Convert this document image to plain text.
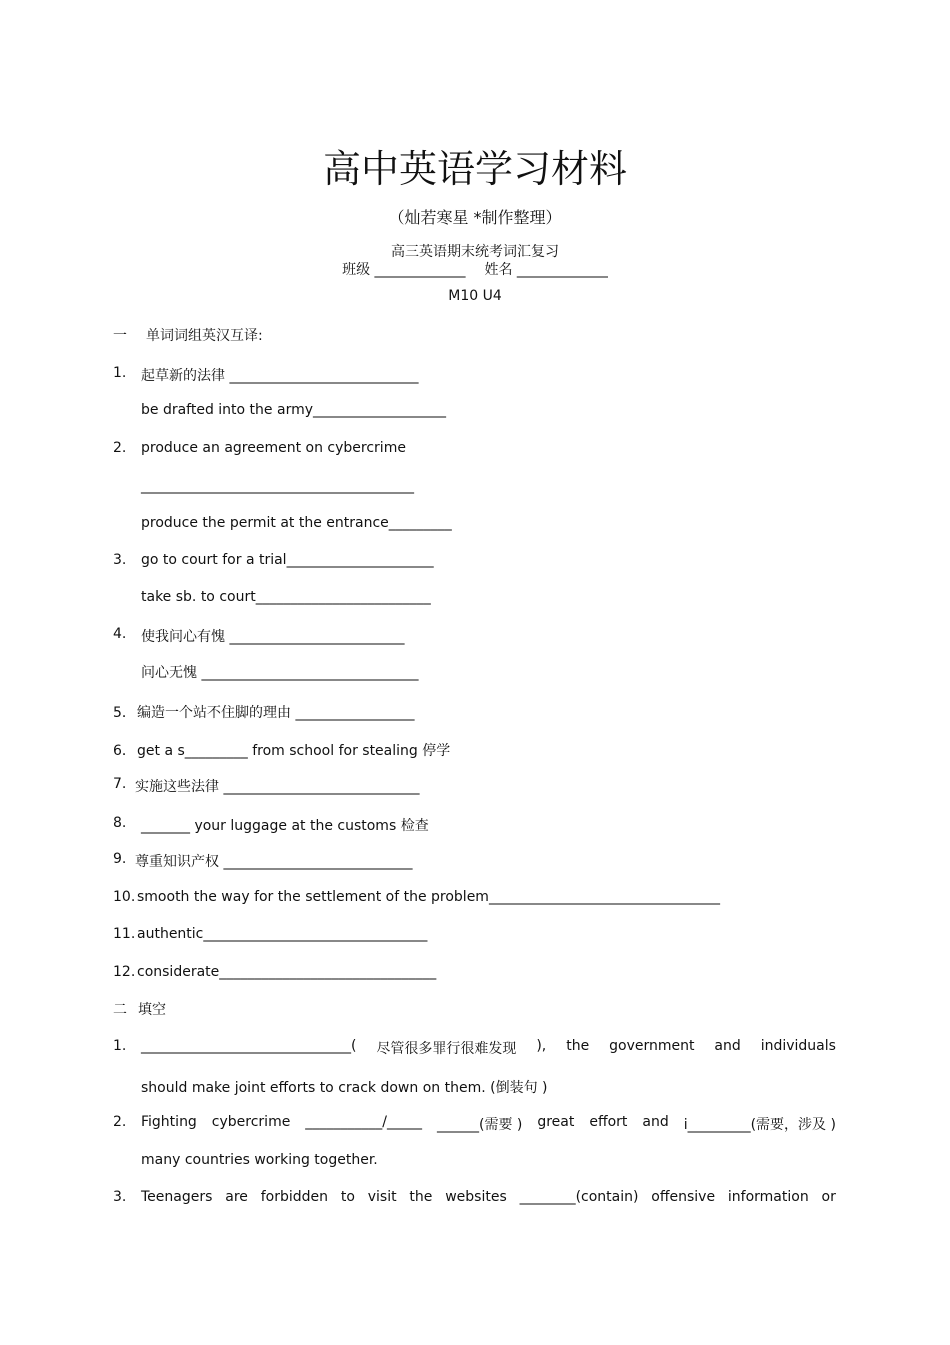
高中英语学习材料
（灿若寒星 *制作整理）
高三英语期末统考词汇复习
班级 _____________ 姓名 _____________
M10 U4
一 单词词组英汉互译:
1. 起草新的法律 ___________________________
be drafted into the army___________________
2. produce an agreement on cybercrime
_______________________________________
produce the permit at the entrance_________
3. go to court for a trial_____________________
take sb. to court_________________________
4. 使我问心有愧 _________________________
问心无愧 _______________________________
5． 编造一个站不住脚的理由 _________________
6． get a s_________ from school for stealing 停学
7. 实施这些法律 ____________________________
8. _______ your luggage at the customs 检查
9. 尊重知识产权 ___________________________
10. smooth the way for the settlement of the problem_________________________________
11. authentic________________________________
12. considerate_______________________________
二 填空
1. ______________________________( 尽管很多罪行很难发现 ), the government and individuals
should make joint efforts to crack down on them. (倒装句 )
2. Fighting cybercrime ___________/_____ ______(需要 ) great effort and i_________(需要，涉及 )
many countries working together.
3. Teenagers are forbidden to visit the websites ________(contain) offensive information or
